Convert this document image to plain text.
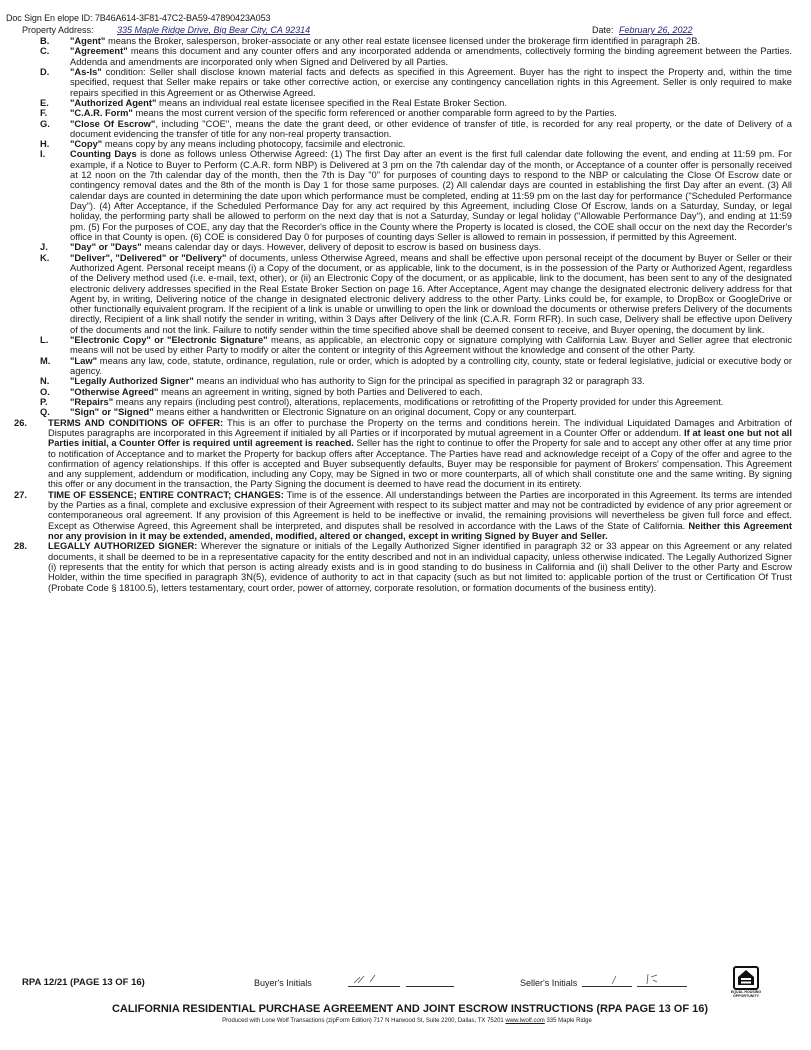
Doc Sign En elope ID: 7B46A614-3F81-47C2-BA59-47890423A053
Property Address:	335 Maple Ridge Drive, Big Bear City, CA 92314	Date: February 26, 2022
B. "Agent" means the Broker, salesperson, broker-associate or any other real estate licensee licensed under the brokerage firm identified in paragraph 2B.
C. "Agreement" means this document and any counter offers and any incorporated addenda or amendments, collectively forming the binding agreement between the Parties. Addenda and amendments are incorporated only when Signed and Delivered by all Parties.
D. "As-Is" condition: Seller shall disclose known material facts and defects as specified in this Agreement. Buyer has the right to inspect the Property and, within the time specified, request that Seller make repairs or take other corrective action, or exercise any contingency cancellation rights in this Agreement. Seller is only required to make repairs specified in this Agreement or as Otherwise Agreed.
E. "Authorized Agent" means an individual real estate licensee specified in the Real Estate Broker Section.
F. "C.A.R. Form" means the most current version of the specific form referenced or another comparable form agreed to by the Parties.
G. "Close Of Escrow", including "COE", means the date the grant deed, or other evidence of transfer of title, is recorded for any real property, or the date of Delivery of a document evidencing the transfer of title for any non-real property transaction.
H. "Copy" means copy by any means including photocopy, facsimile and electronic.
I.	Counting Days is done as follows unless Otherwise Agreed: (1) The first Day after an event is the first full calendar date following the event, and ending at 11:59 pm. For example, if a Notice to Buyer to Perform (C.A.R. form NBP) is Delivered at 3 pm on the 7th calendar day of the month, or Acceptance of a counter offer is personally received at 12 noon on the 7th calendar day of the month, then the 7th is Day "0" for purposes of counting days to respond to the NBP or calculating the Close Of Escrow date or contingency removal dates and the 8th of the month is Day 1 for those same purposes. (2) All calendar days are counted in establishing the first Day after an event. (3) All calendar days are counted in determining the date upon which performance must be completed, ending at 11:59 pm on the last day for performance ("Scheduled Performance Day"). (4) After Acceptance, if the Scheduled Performance Day for any act required by this Agreement, including Close Of Escrow, lands on a Saturday, Sunday, or legal holiday, the performing party shall be allowed to perform on the next day that is not a Saturday, Sunday or legal holiday ("Allowable Performance Day"), and ending at 11:59 pm. (5) For the purposes of COE, any day that the Recorder's office in the County where the Property is located is closed, the COE shall occur on the next day the Recorder's office in that County is open. (6) COE is considered Day 0 for purposes of counting days Seller is allowed to remain in possession, if permitted by this Agreement.
J. "Day" or "Days" means calendar day or days. However, delivery of deposit to escrow is based on business days.
K. "Deliver", "Delivered" or "Delivery" of documents, unless Otherwise Agreed, means and shall be effective upon personal receipt of the document by Buyer or Seller or their Authorized Agent. Personal receipt means (i) a Copy of the document, or as applicable, link to the document, is in the possession of the Party or Authorized Agent, regardless of the Delivery method used (i.e. e-mail, text, other), or (ii) an Electronic Copy of the document, or as applicable, link to the document, has been sent to any of the designated electronic delivery addresses specified in the Real Estate Broker Section on page 16. After Acceptance, Agent may change the designated electronic delivery address for that Agent by, in writing, Delivering notice of the change in designated electronic delivery address to the other Party. Links could be, for example, to DropBox or GoogleDrive or other functionally equivalent program. If the recipient of a link is unable or unwilling to open the link or download the documents or otherwise prefers Delivery of the documents directly, Recipient of a link shall notify the sender in writing, within 3 Days after Delivery of the link (C.A.R. Form RFR). In such case, Delivery shall be effective upon Delivery of the documents and not the link. Failure to notify sender within the time specified above shall be deemed consent to receive, and Buyer opening, the document by link.
L. "Electronic Copy" or "Electronic Signature" means, as applicable, an electronic copy or signature complying with California Law. Buyer and Seller agree that electronic means will not be used by either Party to modify or alter the content or integrity of this Agreement without the knowledge and consent of the other Party.
M. "Law" means any law, code, statute, ordinance, regulation, rule or order, which is adopted by a controlling city, county, state or federal legislative, judicial or executive body or agency.
N. "Legally Authorized Signer" means an individual who has authority to Sign for the principal as specified in paragraph 32 or paragraph 33.
O. "Otherwise Agreed" means an agreement in writing, signed by both Parties and Delivered to each.
P. "Repairs" means any repairs (including pest control), alterations, replacements, modifications or retrofitting of the Property provided for under this Agreement.
Q. "Sign" or "Signed" means either a handwritten or Electronic Signature on an original document, Copy or any counterpart.
26. TERMS AND CONDITIONS OF OFFER: This is an offer to purchase the Property on the terms and conditions herein. The individual Liquidated Damages and Arbitration of Disputes paragraphs are incorporated in this Agreement if initialed by all Parties or if incorporated by mutual agreement in a Counter Offer or addendum. If at least one but not all Parties initial, a Counter Offer is required until agreement is reached. Seller has the right to continue to offer the Property for sale and to accept any other offer at any time prior to notification of Acceptance and to market the Property for backup offers after Acceptance. The Parties have read and acknowledge receipt of a Copy of the offer and agree to the confirmation of agency relationships. If this offer is accepted and Buyer subsequently defaults, Buyer may be responsible for payment of Brokers' compensation. This Agreement and any supplement, addendum or modification, including any Copy, may be Signed in two or more counterparts, all of which shall constitute one and the same writing. By signing this offer or any document in the transaction, the Party Signing the document is deemed to have read the document in its entirety.
27. TIME OF ESSENCE; ENTIRE CONTRACT; CHANGES: Time is of the essence. All understandings between the Parties are incorporated in this Agreement. Its terms are intended by the Parties as a final, complete and exclusive expression of their Agreement with respect to its subject matter and may not be contradicted by evidence of any prior agreement or contemporaneous oral agreement. If any provision of this Agreement is held to be ineffective or invalid, the remaining provisions will nevertheless be given full force and effect. Except as Otherwise Agreed, this Agreement shall be interpreted, and disputes shall be resolved in accordance with the Laws of the State of California. Neither this Agreement nor any provision in it may be extended, amended, modified, altered or changed, except in writing Signed by Buyer and Seller.
28. LEGALLY AUTHORIZED SIGNER: Wherever the signature or initials of the Legally Authorized Signer identified in paragraph 32 or 33 appear on this Agreement or any related documents, it shall be deemed to be in a representative capacity for the entity described and not in an individual capacity, unless otherwise indicated. The Legally Authorized Signer (i) represents that the entity for which that person is acting already exists and is in good standing to do business in California and (ii) shall Deliver to the other Party and Escrow Holder, within the time specified in paragraph 3N(5), evidence of authority to act in that capacity (such as but not limited to: applicable portion of the trust or Certification Of Trust (Probate Code § 18100.5), letters testamentary, court order, power of attorney, corporate resolution, or formation documents of the business entity).
RPA 12/21 (PAGE 13 OF 16)	Buyer's Initials	Seller's Initials
EQUAL HOUSING OPPORTUNITY
CALIFORNIA RESIDENTIAL PURCHASE AGREEMENT AND JOINT ESCROW INSTRUCTIONS (RPA PAGE 13 OF 16)
Produced with Lone Wolf Transactions (zipForm Edition) 717 N Harwood St, Suite 2200, Dallas, TX 75201 www.lwolf.com 335 Maple Ridge
